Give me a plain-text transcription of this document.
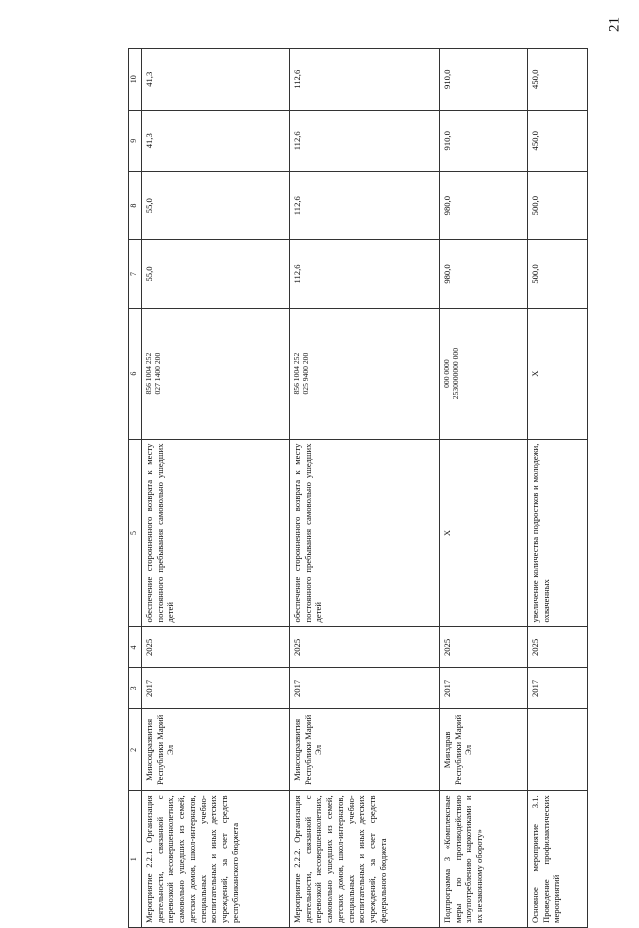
21
1	2	3	4	5	6	7	8	9	10
Мероприятие 2.2.1. Организация деятельности, связанной с перевозкой несовершеннолетних, самовольно ушедших из семей, детских домов, школ-интернатов, специальных учебно-воспитательных и иных детских учреждений, за счет средств республиканского бюджета	Минсоцразвития Республики Марий Эл	2017	2025	обеспечение сторонненного возврата к месту постоянного пребывания самовольно ушедших детей	856 1004 252 027 1400 200	55,0	55,0	41,3	41,3
Мероприятие 2.2.2. Организация деятельности, связанной с перевозкой несовершеннолетних, самовольно ушедших из семей, детских домов, школ-интернатов, специальных учебно-воспитательных и иных детских учреждений, за счет средств федерального бюджета	Минсоцразвития Республики Марий Эл	2017	2025	обеспечение сторонненного возврата к месту постоянного пребывания самовольно ушедших детей	856 1004 252 025 9400 200	112,6	112,6	112,6	112,6
Подпрограмма 3 «Комплексные меры по противодействию злоупотреблению наркотиками и их незаконному обороту»	Минздрав Республики Марий Эл	2017	2025	Х	000 0000 2530000000 000	980,0	980,0	910,0	910,0
Основное мероприятие 3.1. Проведение профилактических мероприятий		2017	2025	увеличение количества подростков и молодежи, охваченных	Х	500,0	500,0	450,0	450,0
